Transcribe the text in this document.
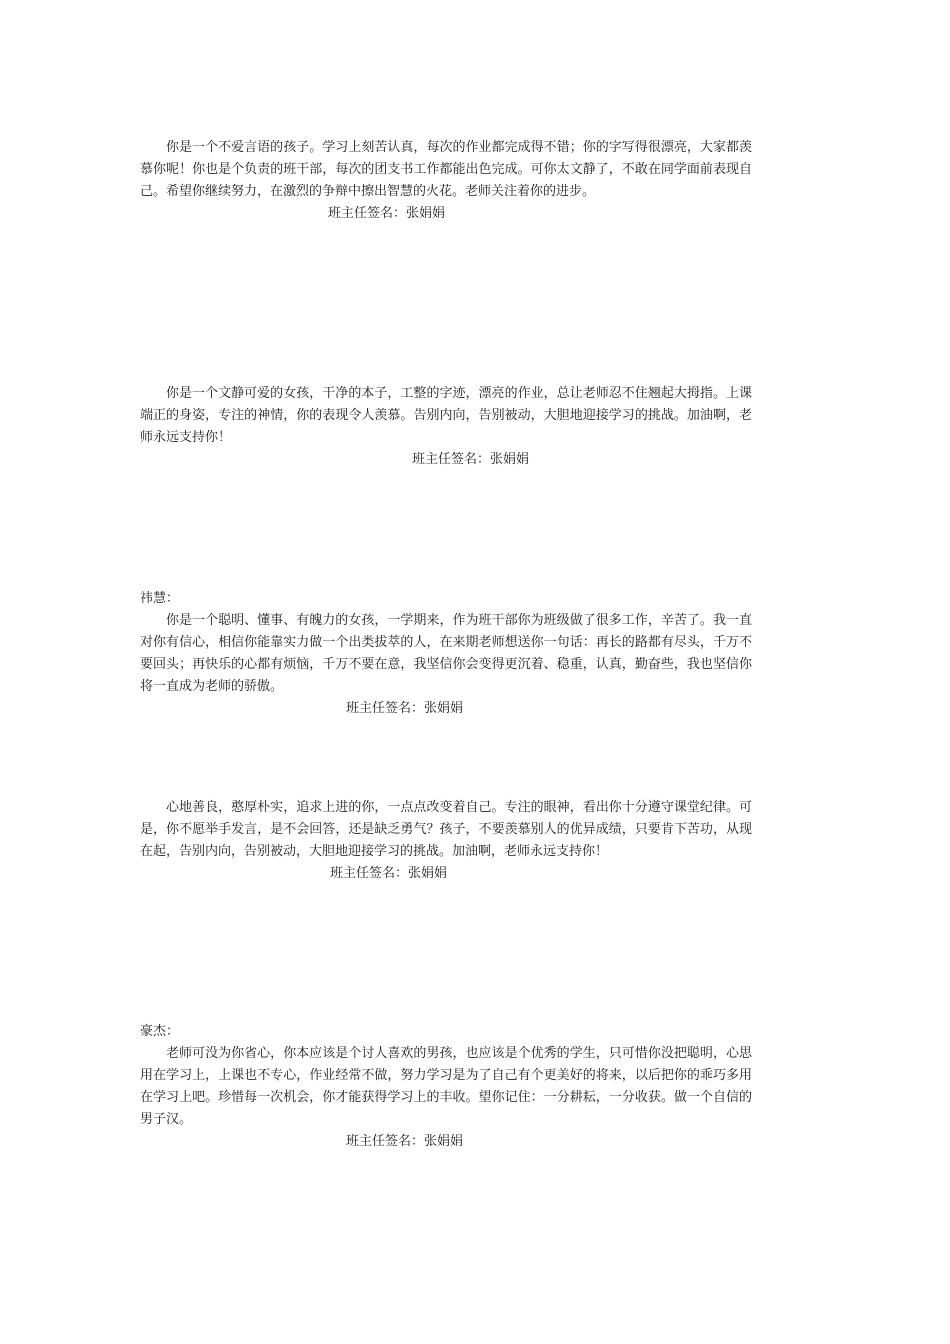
你是一个不爱言语的孩子。学习上刻苦认真，每次的作业都完成得不错；你的字写得很漂亮，大家都羡慕你呢！你也是个负责的班干部，每次的团支书工作都能出色完成。可你太文静了，不敢在同学面前表现自己。希望你继续努力，在激烈的争辩中擦出智慧的火花。老师关注着你的进步。

班主任签名：张娟娟

你是一个文静可爱的女孩，干净的本子，工整的字迹，漂亮的作业，总让老师忍不住翘起大拇指。上课端正的身姿，专注的神情，你的表现令人羡慕。告别内向，告别被动，大胆地迎接学习的挑战。加油啊，老师永远支持你！

班主任签名：张娟娟

祎慧：

你是一个聪明、懂事、有魄力的女孩，一学期来，作为班干部你为班级做了很多工作，辛苦了。我一直对你有信心，相信你能靠实力做一个出类拔萃的人，在来期老师想送你一句话：再长的路都有尽头，千万不要回头；再快乐的心都有烦恼，千万不要在意，我坚信你会变得更沉着、稳重，认真，勤奋些，我也坚信你将一直成为老师的骄傲。

班主任签名：张娟娟

心地善良，憨厚朴实，追求上进的你，一点点改变着自己。专注的眼神，看出你十分遵守课堂纪律。可是，你不愿举手发言，是不会回答，还是缺乏勇气？孩子，不要羡慕别人的优异成绩，只要肯下苦功，从现在起，告别内向，告别被动，大胆地迎接学习的挑战。加油啊，老师永远支持你！

班主任签名：张娟娟

豪杰：

老师可没为你省心，你本应该是个讨人喜欢的男孩，也应该是个优秀的学生，只可惜你没把聪明，心思用在学习上，上课也不专心，作业经常不做，努力学习是为了自己有个更美好的将来，以后把你的乖巧多用在学习上吧。珍惜每一次机会，你才能获得学习上的丰收。望你记住：一分耕耘，一分收获。做一个自信的男子汉。

班主任签名：张娟娟
